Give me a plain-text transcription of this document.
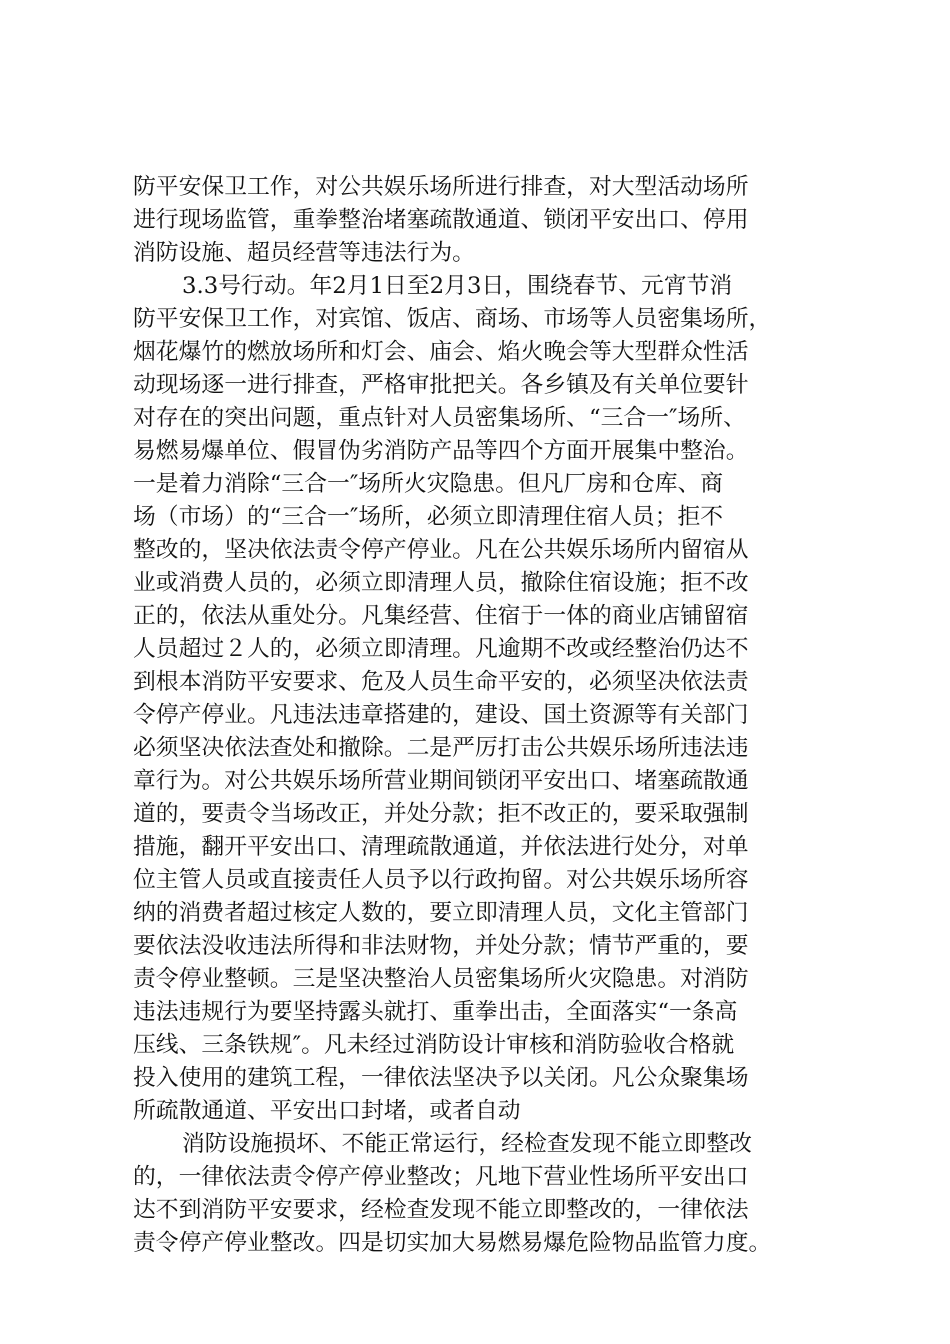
防平安保卫工作，对公共娱乐场所进行排查，对大型活动场所
进行现场监管，重拳整治堵塞疏散通道、锁闭平安出口、停用
消防设施、超员经营等违法行为。
3.3号行动。年2月1日至2月3日，围绕春节、元宵节消
防平安保卫工作，对宾馆、饭店、商场、市场等人员密集场所，
烟花爆竹的燃放场所和灯会、庙会、焰火晚会等大型群众性活
动现场逐一进行排查，严格审批把关。各乡镇及有关单位要针
对存在的突出问题，重点针对人员密集场所、“三合一″场所、
易燃易爆单位、假冒伪劣消防产品等四个方面开展集中整治。
一是着力消除“三合一″场所火灾隐患。但凡厂房和仓库、商
场（市场）的“三合一″场所，必须立即清理住宿人员；拒不
整改的，坚决依法责令停产停业。凡在公共娱乐场所内留宿从
业或消费人员的，必须立即清理人员，撤除住宿设施；拒不改
正的，依法从重处分。凡集经营、住宿于一体的商业店铺留宿
人员超过２人的，必须立即清理。凡逾期不改或经整治仍达不
到根本消防平安要求、危及人员生命平安的，必须坚决依法责
令停产停业。凡违法违章搭建的，建设、国土资源等有关部门
必须坚决依法查处和撤除。二是严厉打击公共娱乐场所违法违
章行为。对公共娱乐场所营业期间锁闭平安出口、堵塞疏散通
道的，要责令当场改正，并处分款；拒不改正的，要采取强制
措施，翻开平安出口、清理疏散通道，并依法进行处分，对单
位主管人员或直接责任人员予以行政拘留。对公共娱乐场所容
纳的消费者超过核定人数的，要立即清理人员，文化主管部门
要依法没收违法所得和非法财物，并处分款；情节严重的，要
责令停业整顿。三是坚决整治人员密集场所火灾隐患。对消防
违法违规行为要坚持露头就打、重拳出击，全面落实“一条高
压线、三条铁规″。凡未经过消防设计审核和消防验收合格就
投入使用的建筑工程，一律依法坚决予以关闭。凡公众聚集场
所疏散通道、平安出口封堵，或者自动
消防设施损坏、不能正常运行，经检查发现不能立即整改
的，一律依法责令停产停业整改；凡地下营业性场所平安出口
达不到消防平安要求，经检查发现不能立即整改的，一律依法
责令停产停业整改。四是切实加大易燃易爆危险物品监管力度。
